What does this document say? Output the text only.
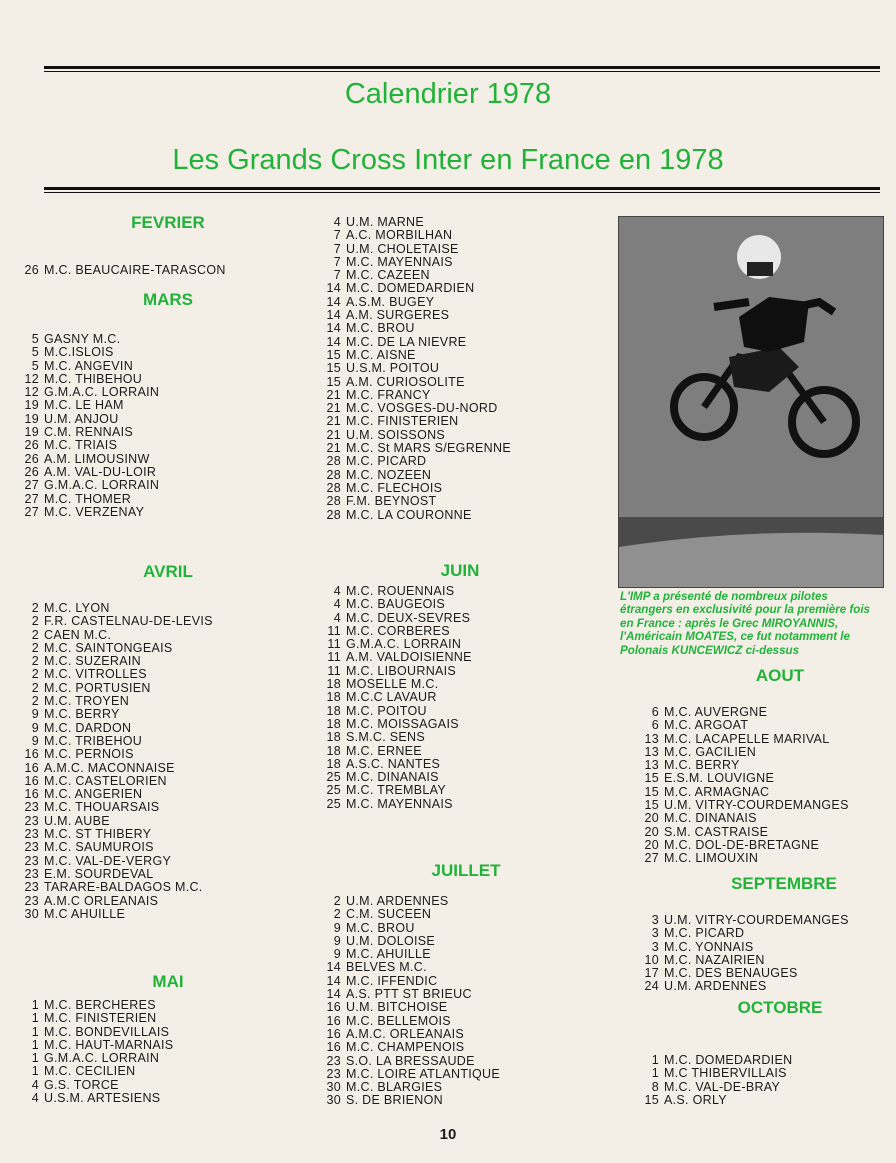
Calendrier 1978
Les Grands Cross Inter en France en 1978
FEVRIER
26 M.C. BEAUCAIRE-TARASCON
MARS
5 GASNY M.C.
5 M.C.ISLOIS
5 M.C. ANGEVIN
12 M.C. THIBEHOU
12 G.M.A.C. LORRAIN
19 M.C. LE HAM
19 U.M. ANJOU
19 C.M. RENNAIS
26 M.C. TRIAIS
26 A.M. LIMOUSINW
26 A.M. VAL-DU-LOIR
27 G.M.A.C. LORRAIN
27 M.C. THOMER
27 M.C. VERZENAY
AVRIL
2 M.C. LYON
2 F.R. CASTELNAU-DE-LEVIS
2 CAEN M.C.
2 M.C. SAINTONGEAIS
2 M.C. SUZERAIN
2 M.C. VITROLLES
2 M.C. PORTUSIEN
2 M.C. TROYEN
9 M.C. BERRY
9 M.C. DARDON
9 M.C. TRIBEHOU
16 M.C. PERNOIS
16 A.M.C. MACONNAISE
16 M.C. CASTELORIEN
16 M.C. ANGERIEN
23 M.C. THOUARSAIS
23 U.M. AUBE
23 M.C. ST THIBERY
23 M.C. SAUMUROIS
23 M.C. VAL-DE-VERGY
23 E.M. SOURDEVAL
23 TARARE-BALDAGOS M.C.
23 A.M.C ORLEANAIS
30 M.C AHUILLE
MAI
1 M.C. BERCHERES
1 M.C. FINISTERIEN
1 M.C. BONDEVILLAIS
1 M.C. HAUT-MARNAIS
1 G.M.A.C. LORRAIN
1 M.C. CECILIEN
4 G.S. TORCE
4 U.S.M. ARTESIENS
4 U.M. MARNE
7 A.C. MORBILHAN
7 U.M. CHOLETAISE
7 M.C. MAYENNAIS
7 M.C. CAZEEN
14 M.C. DOMEDARDIEN
14 A.S.M. BUGEY
14 A.M. SURGERES
14 M.C. BROU
14 M.C. DE LA NIEVRE
15 M.C. AISNE
15 U.S.M. POITOU
15 A.M. CURIOSOLITE
21 M.C. FRANCY
21 M.C. VOSGES-DU-NORD
21 M.C. FINISTERIEN
21 U.M. SOISSONS
21 M.C. St MARS S/EGRENNE
28 M.C. PICARD
28 M.C. NOZEEN
28 M.C. FLECHOIS
28 F.M. BEYNOST
28 M.C. LA COURONNE
JUIN
4 M.C. ROUENNAIS
4 M.C. BAUGEOIS
4 M.C. DEUX-SEVRES
11 M.C. CORBERES
11 G.M.A.C. LORRAIN
11 A.M. VALDOISIENNE
11 M.C. LIBOURNAIS
18 MOSELLE M.C.
18 M.C.C LAVAUR
18 M.C. POITOU
18 M.C. MOISSAGAIS
18 S.M.C. SENS
18 M.C. ERNEE
18 A.S.C. NANTES
25 M.C. DINANAIS
25 M.C. TREMBLAY
25 M.C. MAYENNAIS
JUILLET
2 U.M. ARDENNES
2 C.M. SUCEEN
9 M.C. BROU
9 U.M. DOLOISE
9 M.C. AHUILLE
14 BELVES M.C.
14 M.C. IFFENDIC
14 A.S. PTT ST BRIEUC
16 U.M. BITCHOISE
16 M.C. BELLEMOIS
16 A.M.C. ORLEANAIS
16 M.C. CHAMPENOIS
23 S.O. LA BRESSAUDE
23 M.C. LOIRE ATLANTIQUE
30 M.C. BLARGIES
30 S. DE BRIENON
L'IMP a présenté de nombreux pilotes étrangers en exclusivité pour la première fois en France : après le Grec MIROYANNIS, l'Américain MOATES, ce fut notamment le Polonais KUNCEWICZ ci-dessus
AOUT
6 M.C. AUVERGNE
6 M.C. ARGOAT
13 M.C. LACAPELLE MARIVAL
13 M.C. GACILIEN
13 M.C. BERRY
15 E.S.M. LOUVIGNE
15 M.C. ARMAGNAC
15 U.M. VITRY-COURDEMANGES
20 M.C. DINANAIS
20 S.M. CASTRAISE
20 M.C. DOL-DE-BRETAGNE
27 M.C. LIMOUXIN
SEPTEMBRE
3 U.M. VITRY-COURDEMANGES
3 M.C. PICARD
3 M.C. YONNAIS
10 M.C. NAZAIRIEN
17 M.C. DES BENAUGES
24 U.M. ARDENNES
OCTOBRE
1 M.C. DOMEDARDIEN
1 M.C THIBERVILLAIS
8 M.C. VAL-DE-BRAY
15 A.S. ORLY
10
